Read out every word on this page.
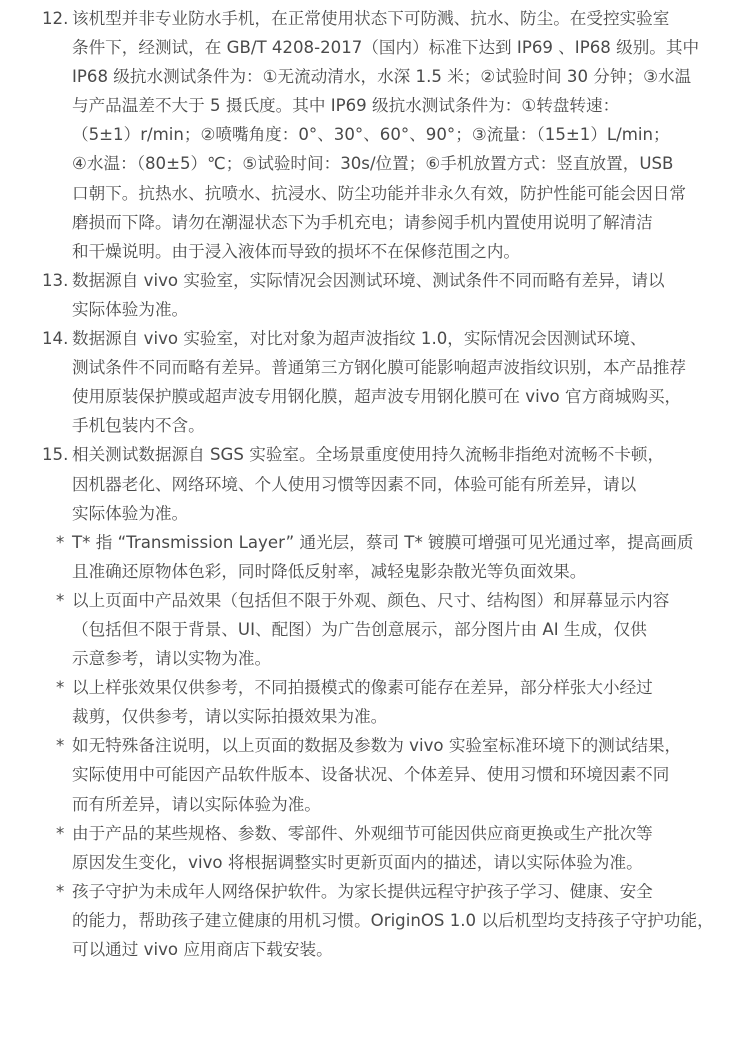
12. 该机型并非专业防水手机，在正常使用状态下可防溅、抗水、防尘。在受控实验室
条件下，经测试，在 GB/T 4208-2017（国内）标准下达到 IP69 、IP68 级别。其中
IP68 级抗水测试条件为：①无流动清水，水深 1.5 米；②试验时间 30 分钟；③水温
与产品温差不大于 5 摄氏度。其中 IP69 级抗水测试条件为：①转盘转速：
（5±1）r/min；②喷嘴角度：0°、30°、60°、90°；③流量：（15±1）L/min；
④水温：（80±5）℃；⑤试验时间：30s/位置；⑥手机放置方式：竖直放置，USB
口朝下。抗热水、抗喷水、抗浸水、防尘功能并非永久有效，防护性能可能会因日常
磨损而下降。请勿在潮湿状态下为手机充电；请参阅手机内置使用说明了解清洁
和干燥说明。由于浸入液体而导致的损坏不在保修范围之内。
13. 数据源自 vivo 实验室，实际情况会因测试环境、测试条件不同而略有差异，请以
实际体验为准。
14. 数据源自 vivo 实验室，对比对象为超声波指纹 1.0，实际情况会因测试环境、
测试条件不同而略有差异。普通第三方钢化膜可能影响超声波指纹识别，本产品推荐
使用原装保护膜或超声波专用钢化膜，超声波专用钢化膜可在 vivo 官方商城购买，
手机包装内不含。
15. 相关测试数据源自 SGS 实验室。全场景重度使用持久流畅非指绝对流畅不卡顿，
因机器老化、网络环境、个人使用习惯等因素不同，体验可能有所差异，请以
实际体验为准。
* T* 指 “Transmission Layer” 通光层，蔡司 T* 镀膜可增强可见光通过率，提高画质
且准确还原物体色彩，同时降低反射率，减轻鬼影杂散光等负面效果。
* 以上页面中产品效果（包括但不限于外观、颜色、尺寸、结构图）和屏幕显示内容
（包括但不限于背景、UI、配图）为广告创意展示，部分图片由 AI 生成，仅供
示意参考，请以实物为准。
* 以上样张效果仅供参考，不同拍摄模式的像素可能存在差异，部分样张大小经过
裁剪，仅供参考，请以实际拍摄效果为准。
* 如无特殊备注说明，以上页面的数据及参数为 vivo 实验室标准环境下的测试结果，
实际使用中可能因产品软件版本、设备状况、个体差异、使用习惯和环境因素不同
而有所差异，请以实际体验为准。
* 由于产品的某些规格、参数、零部件、外观细节可能因供应商更换或生产批次等
原因发生变化，vivo 将根据调整实时更新页面内的描述，请以实际体验为准。
* 孩子守护为未成年人网络保护软件。为家长提供远程守护孩子学习、健康、安全
的能力，帮助孩子建立健康的用机习惯。OriginOS 1.0 以后机型均支持孩子守护功能，
可以通过 vivo 应用商店下载安装。
